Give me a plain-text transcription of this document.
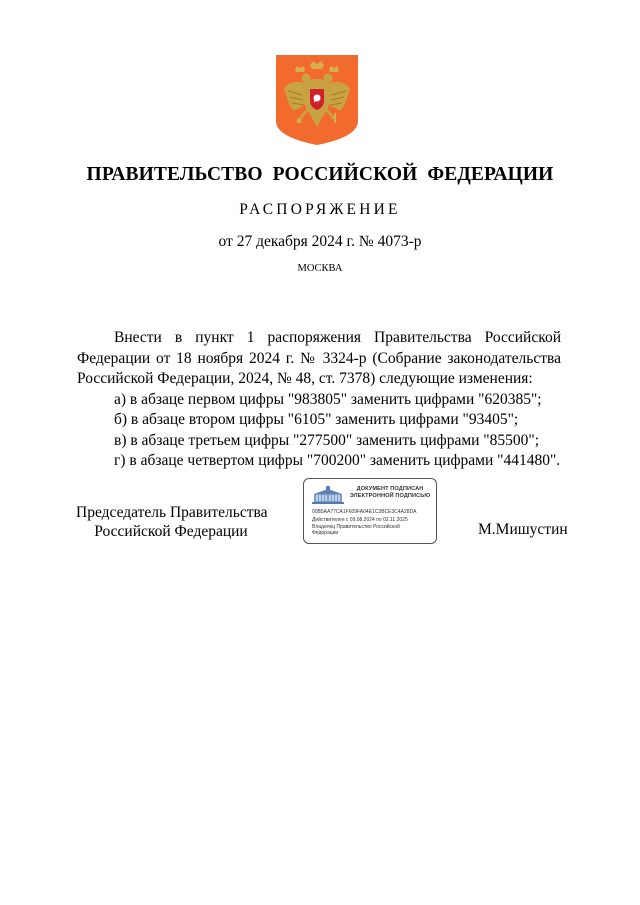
ПРАВИТЕЛЬСТВО РОССИЙСКОЙ ФЕДЕРАЦИИ
РАСПОРЯЖЕНИЕ
от 27 декабря 2024 г. № 4073-р
МОСКВА

Внести в пункт 1 распоряжения Правительства Российской Федерации от 18 ноября 2024 г. № 3324-р (Собрание законодательства Российской Федерации, 2024, № 48, ст. 7378) следующие изменения:

а) в абзаце первом цифры "983805" заменить цифрами "620385";

б) в абзаце втором цифры "6105" заменить цифрами "93405";

в) в абзаце третьем цифры "277500" заменить цифрами "85500";

г) в абзаце четвертом цифры "700200" заменить цифрами "441480".

Председатель Правительства
Российской Федерации
ДОКУМЕНТ ПОДПИСАН
ЭЛЕКТРОННОЙ ПОДПИСЬЮ
00B5AA77CA1F609FA04E1C3BCE3C4A28DA
Действителен с 09.08.2024 по 02.11.2025
Владелец Правительство Российской
Федерации	М.Мишустин
